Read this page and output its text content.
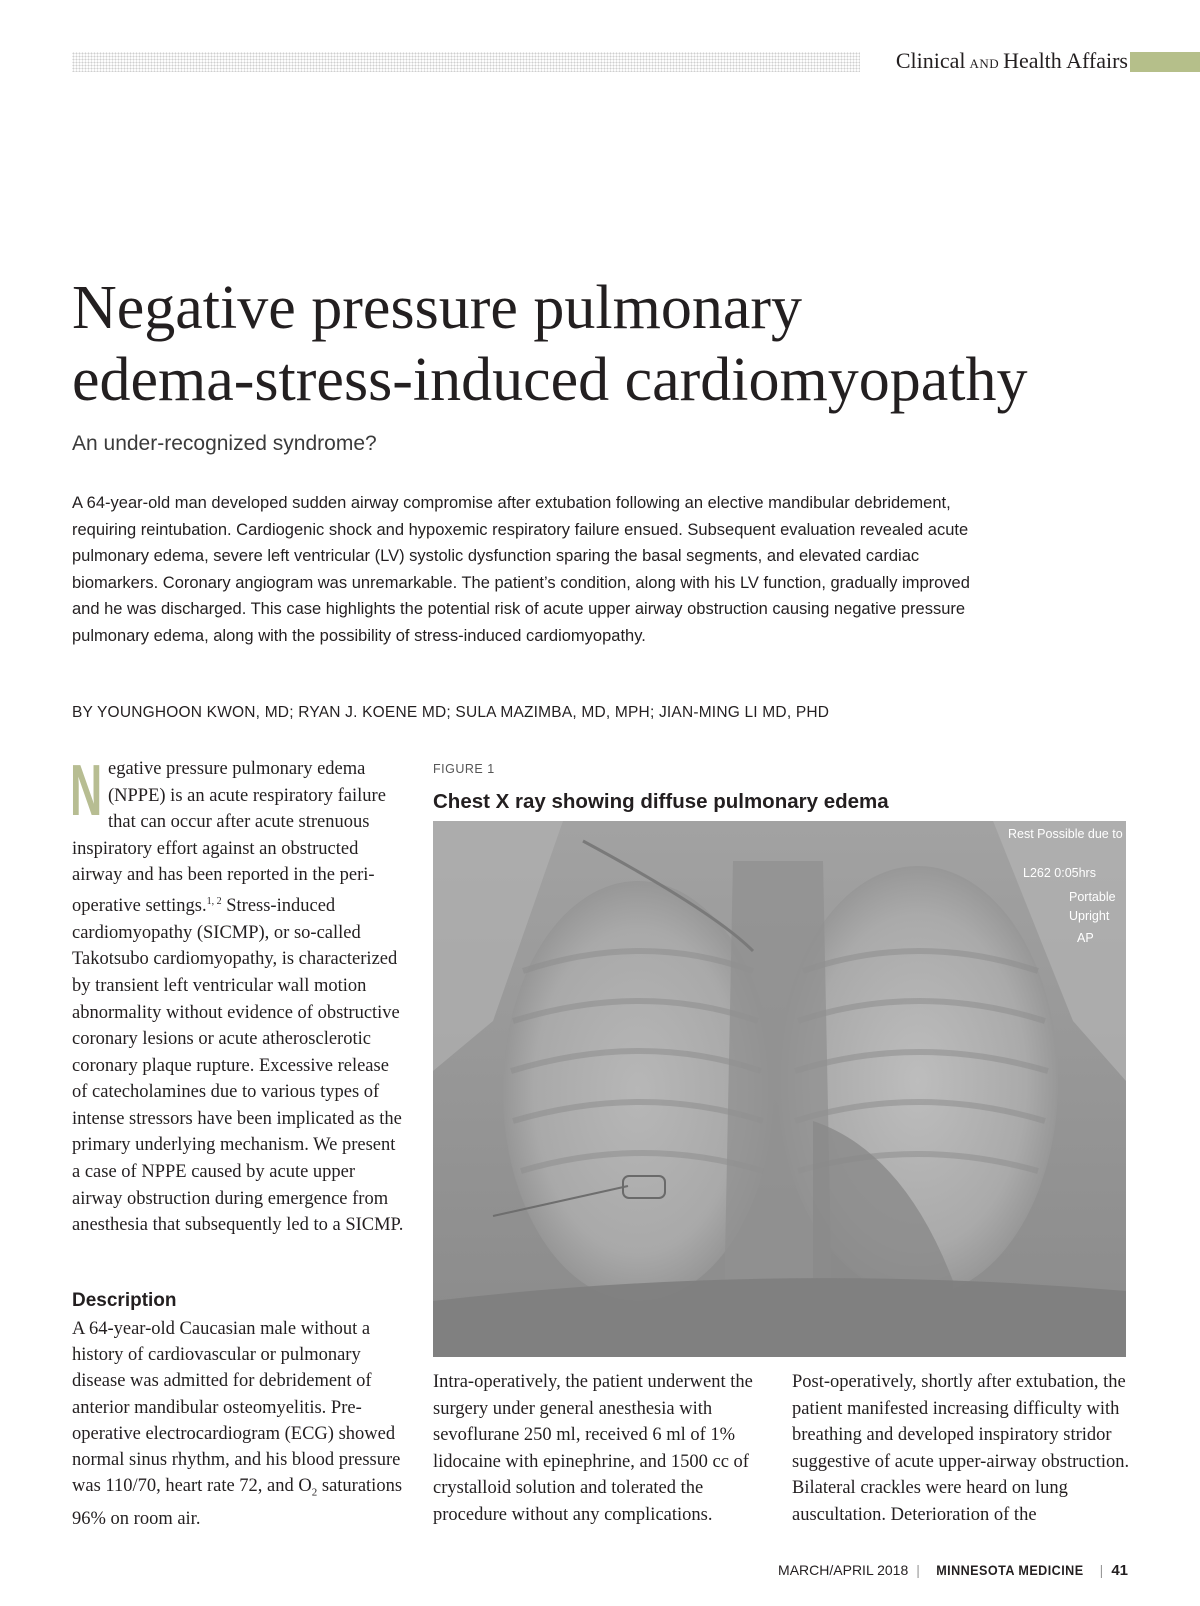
Clinical AND Health Affairs
Negative pressure pulmonary
edema-stress-induced cardiomyopathy

An under-recognized syndrome?

A 64-year-old man developed sudden airway compromise after extubation following an elective mandibular debridement, requiring reintubation. Cardiogenic shock and hypoxemic respiratory failure ensued. Subsequent evaluation revealed acute pulmonary edema, severe left ventricular (LV) systolic dysfunction sparing the basal segments, and elevated cardiac biomarkers. Coronary angiogram was unremarkable. The patient’s condition, along with his LV function, gradually improved and he was discharged. This case highlights the potential risk of acute upper airway obstruction causing negative pressure pulmonary edema, along with the possibility of stress-induced cardiomyopathy.

BY YOUNGHOON KWON, MD; RYAN J. KOENE MD; SULA MAZIMBA, MD, MPH; JIAN-MING LI MD, PHD

N egative pressure pulmonary edema (NPPE) is an acute respiratory failure that can occur after acute strenuous inspiratory effort against an obstructed airway and has been reported in the peri-operative settings.$^{1, 2}$ Stress-induced cardiomyopathy (SICMP), or so-called Takotsubo cardiomyopathy, is characterized by transient left ventricular wall motion abnormality without evidence of obstructive coronary lesions or acute atherosclerotic coronary plaque rupture. Excessive release of catecholamines due to various types of intense stressors have been implicated as the primary underlying mechanism. We present a case of NPPE caused by acute upper airway obstruction during emergence from anesthesia that subsequently led to a SICMP.

Description

A 64-year-old Caucasian male without a history of cardiovascular or pulmonary disease was admitted for debridement of anterior mandibular osteomyelitis. Pre-operative electrocardiogram (ECG) showed normal sinus rhythm, and his blood pressure was 110/70, heart rate 72, and $O_2$ saturations 96% on room air.

FIGURE 1

Chest X ray showing diffuse pulmonary edema

Rest Possible due to motion
L262 0:05hrs
Portable
Upright
AP

Intra-operatively, the patient underwent the surgery under general anesthesia with sevoflurane 250 ml, received 6 ml of 1% lidocaine with epinephrine, and 1500 cc of crystalloid solution and tolerated the procedure without any complications.

Post-operatively, shortly after extubation, the patient manifested increasing difficulty with breathing and developed inspiratory stridor suggestive of acute upper-airway obstruction. Bilateral crackles were heard on lung auscultation. Deterioration of the

MARCH/APRIL 2018 | MINNESOTA MEDICINE | 41
